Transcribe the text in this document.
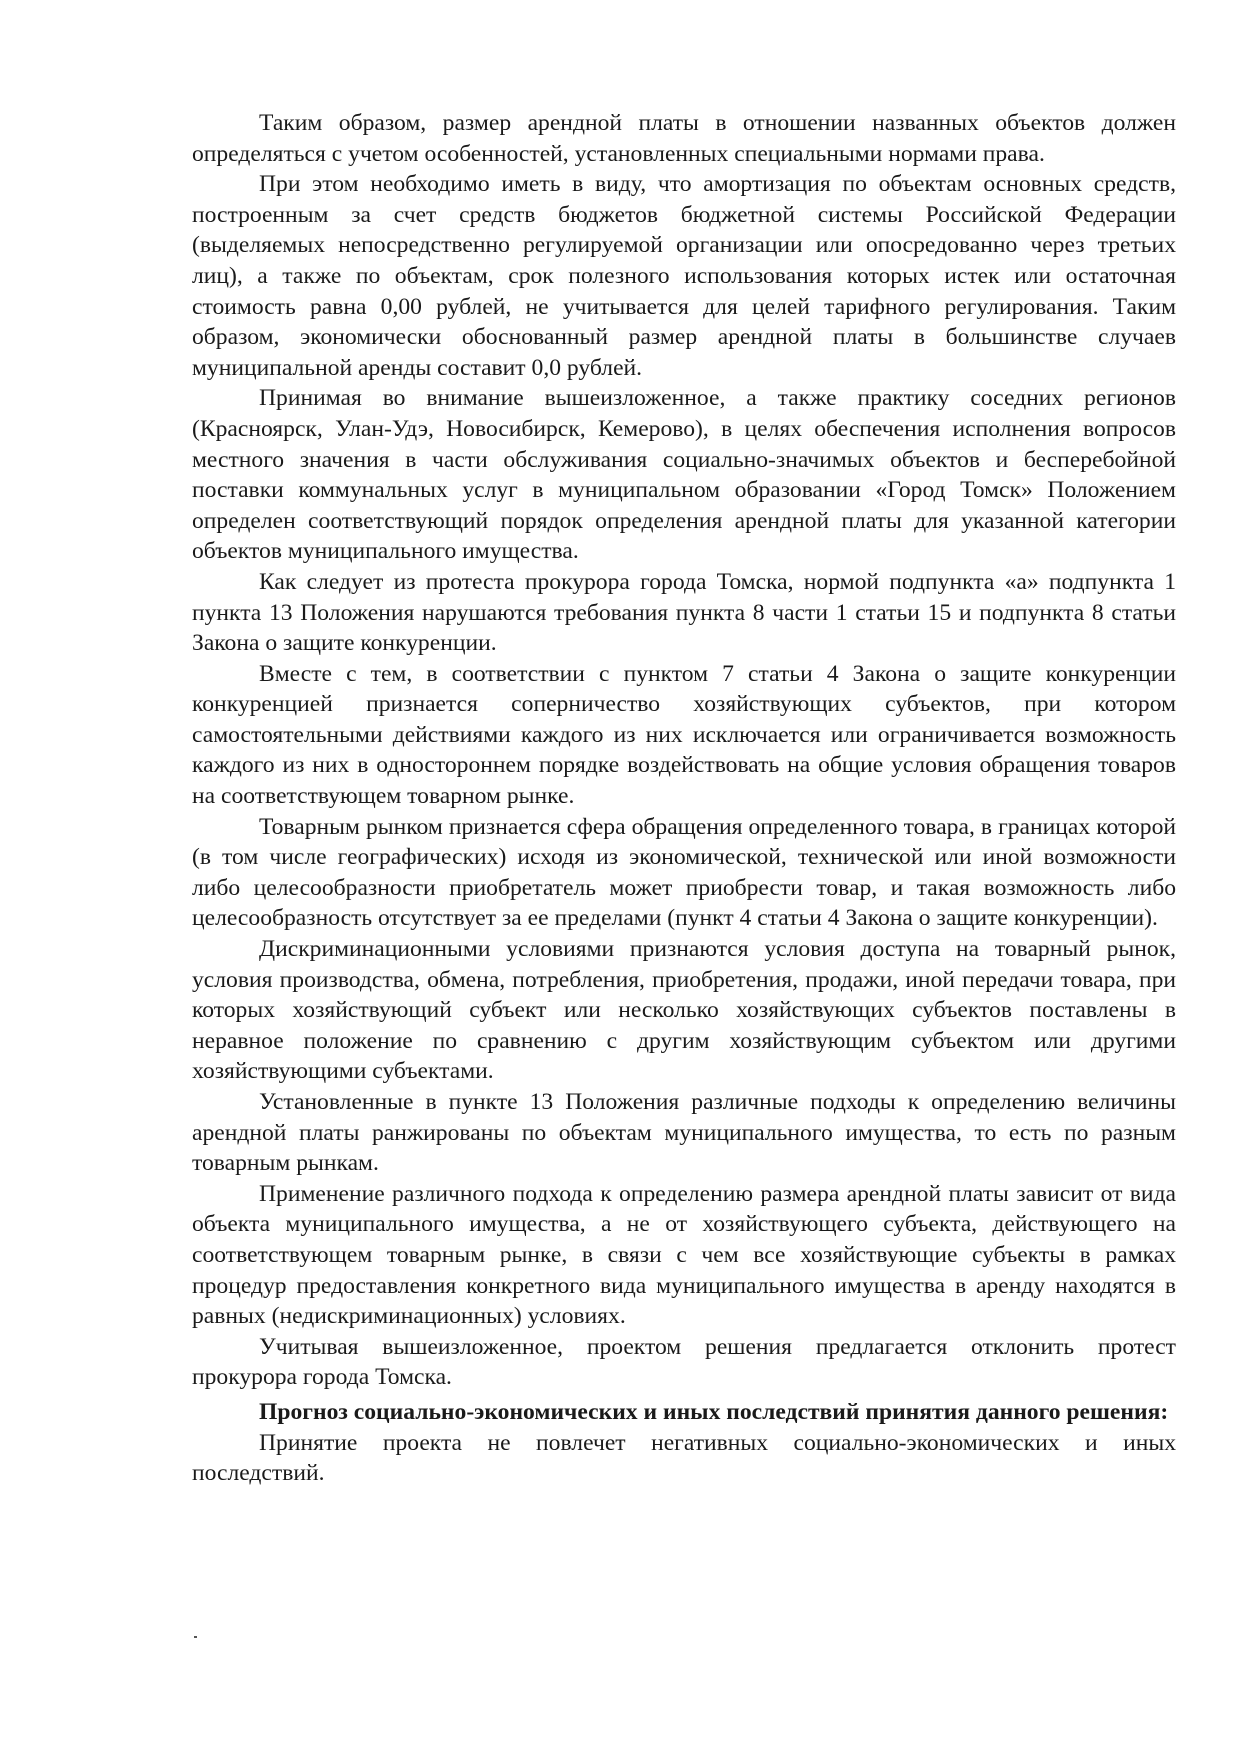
Таким образом, размер арендной платы в отношении названных объектов должен определяться с учетом особенностей, установленных специальными нормами права.

При этом необходимо иметь в виду, что амортизация по объектам основных средств, построенным за счет средств бюджетов бюджетной системы Российской Федерации (выделяемых непосредственно регулируемой организации или опосредованно через третьих лиц), а также по объектам, срок полезного использования которых истек или остаточная стоимость равна 0,00 рублей, не учитывается для целей тарифного регулирования. Таким образом, экономически обоснованный размер арендной платы в большинстве случаев муниципальной аренды составит 0,0 рублей.

Принимая во внимание вышеизложенное, а также практику соседних регионов (Красноярск, Улан-Удэ, Новосибирск, Кемерово), в целях обеспечения исполнения вопросов местного значения в части обслуживания социально-значимых объектов и бесперебойной поставки коммунальных услуг в муниципальном образовании «Город Томск» Положением определен соответствующий порядок определения арендной платы для указанной категории объектов муниципального имущества.

Как следует из протеста прокурора города Томска, нормой подпункта «а» подпункта 1 пункта 13 Положения нарушаются требования пункта 8 части 1 статьи 15 и подпункта 8 статьи Закона о защите конкуренции.

Вместе с тем, в соответствии с пунктом 7 статьи 4 Закона о защите конкуренции конкуренцией признается соперничество хозяйствующих субъектов, при котором самостоятельными действиями каждого из них исключается или ограничивается возможность каждого из них в одностороннем порядке воздействовать на общие условия обращения товаров на соответствующем товарном рынке.

Товарным рынком признается сфера обращения определенного товара, в границах которой (в том числе географических) исходя из экономической, технической или иной возможности либо целесообразности приобретатель может приобрести товар, и такая возможность либо целесообразность отсутствует за ее пределами (пункт 4 статьи 4 Закона о защите конкуренции).

Дискриминационными условиями признаются условия доступа на товарный рынок, условия производства, обмена, потребления, приобретения, продажи, иной передачи товара, при которых хозяйствующий субъект или несколько хозяйствующих субъектов поставлены в неравное положение по сравнению с другим хозяйствующим субъектом или другими хозяйствующими субъектами.

Установленные в пункте 13 Положения различные подходы к определению величины арендной платы ранжированы по объектам муниципального имущества, то есть по разным товарным рынкам.

Применение различного подхода к определению размера арендной платы зависит от вида объекта муниципального имущества, а не от хозяйствующего субъекта, действующего на соответствующем товарным рынке, в связи с чем все хозяйствующие субъекты в рамках процедур предоставления конкретного вида муниципального имущества в аренду находятся в равных (недискриминационных) условиях.

Учитывая вышеизложенное, проектом решения предлагается отклонить протест прокурора города Томска.

Прогноз социально-экономических и иных последствий принятия данного решения:

Принятие проекта не повлечет негативных социально-экономических и иных последствий.
